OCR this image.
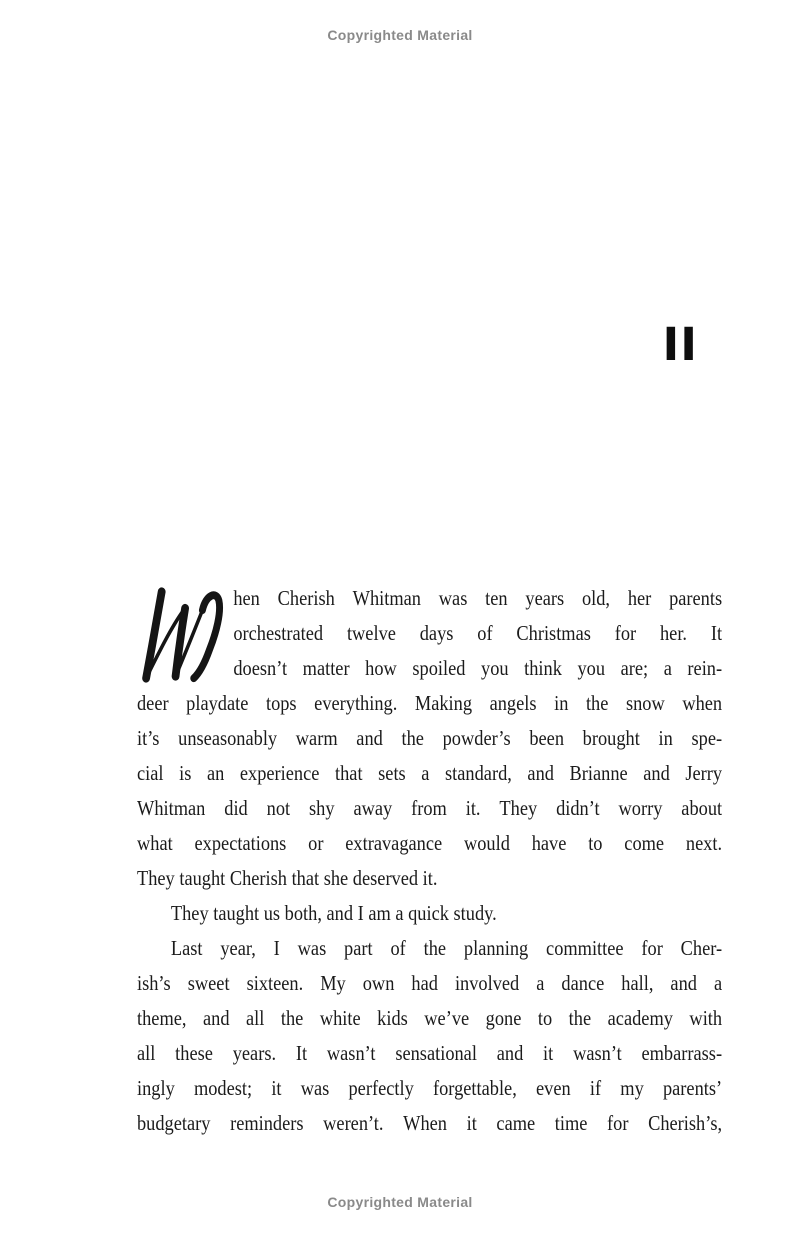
Copyrighted Material
II
hen Cherish Whitman was ten years old, her parents
orchestrated twelve days of Christmas for her. It
doesn’t matter how spoiled you think you are; a rein-
deer playdate tops everything. Making angels in the snow when
it’s unseasonably warm and the powder’s been brought in spe-
cial is an experience that sets a standard, and Brianne and Jerry
Whitman did not shy away from it. They didn’t worry about
what expectations or extravagance would have to come next.
They taught Cherish that she deserved it.
They taught us both, and I am a quick study.
Last year, I was part of the planning committee for Cher-
ish’s sweet sixteen. My own had involved a dance hall, and a
theme, and all the white kids we’ve gone to the academy with
all these years. It wasn’t sensational and it wasn’t embarrass-
ingly modest; it was perfectly forgettable, even if my parents’
budgetary reminders weren’t. When it came time for Cherish’s,
Copyrighted Material
